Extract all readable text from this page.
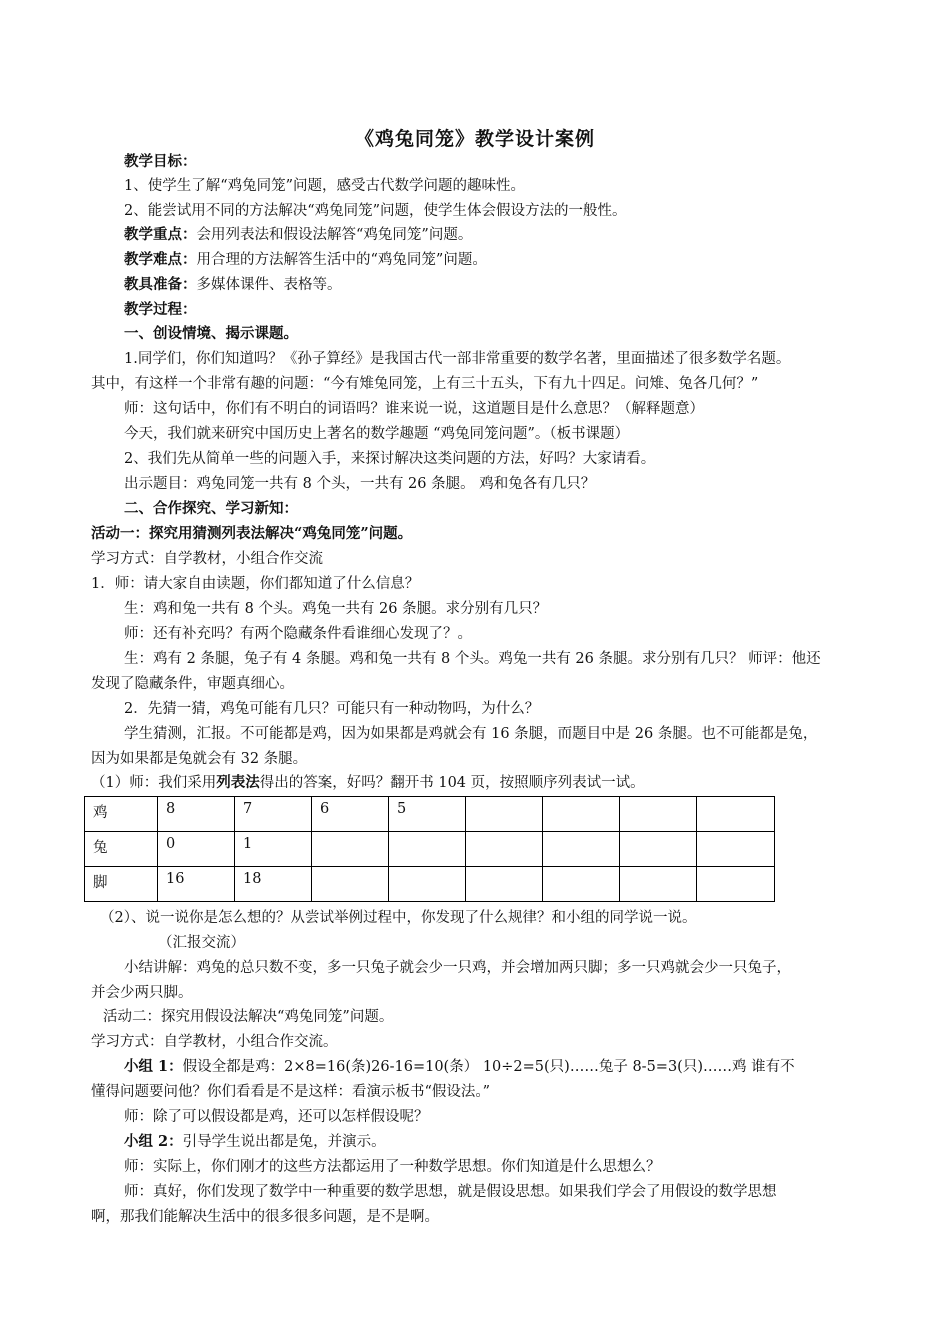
《鸡兔同笼》教学设计案例
教学目标：
1、使学生了解“鸡兔同笼”问题，感受古代数学问题的趣味性。
2、能尝试用不同的方法解决“鸡兔同笼”问题，使学生体会假设方法的一般性。
教学重点：会用列表法和假设法解答“鸡兔同笼”问题。
教学难点：用合理的方法解答生活中的“鸡兔同笼”问题。
教具准备：多媒体课件、表格等。
教学过程：
一、创设情境、揭示课题。
1.同学们，你们知道吗？《孙子算经》是我国古代一部非常重要的数学名著，里面描述了很多数学名题。
其中，有这样一个非常有趣的问题：“今有雉兔同笼，上有三十五头，下有九十四足。问雉、兔各几何？”
师：这句话中，你们有不明白的词语吗？谁来说一说，这道题目是什么意思？（解释题意）
今天，我们就来研究中国历史上著名的数学趣题 “鸡兔同笼问题”。（板书课题）
2、我们先从简单一些的问题入手，来探讨解决这类问题的方法，好吗？大家请看。
出示题目：鸡兔同笼一共有 8 个头，一共有 26 条腿。 鸡和兔各有几只？
二、合作探究、学习新知：
活动一：探究用猜测列表法解决“鸡兔同笼”问题。
学习方式：自学教材，小组合作交流
1．师：请大家自由读题，你们都知道了什么信息？
生：鸡和兔一共有 8 个头。鸡兔一共有 26 条腿。求分别有几只？
师：还有补充吗？有两个隐藏条件看谁细心发现了？。
生：鸡有 2 条腿，兔子有 4 条腿。鸡和兔一共有 8 个头。鸡兔一共有 26 条腿。求分别有几只？ 师评：他还
发现了隐藏条件，审题真细心。
2．先猜一猜，鸡兔可能有几只？可能只有一种动物吗，为什么？
学生猜测，汇报。不可能都是鸡，因为如果都是鸡就会有 16 条腿，而题目中是 26 条腿。也不可能都是兔，
因为如果都是兔就会有 32 条腿。
（1）师：我们采用列表法得出的答案，好吗？翻开书 104 页，按照顺序列表试一试。
鸡	8	7	6	5				
兔	0	1						
脚	16	18						
（2）、说一说你是怎么想的？从尝试举例过程中，你发现了什么规律？和小组的同学说一说。
（汇报交流）
小结讲解：鸡兔的总只数不变，多一只兔子就会少一只鸡，并会增加两只脚；多一只鸡就会少一只兔子，
并会少两只脚。
活动二：探究用假设法解决“鸡兔同笼”问题。
学习方式：自学教材，小组合作交流。
小组 1：假设全都是鸡：2×8=16(条)26-16=10(条） 10÷2=5(只)……兔子 8-5=3(只)……鸡 谁有不
懂得问题要问他？你们看看是不是这样：看演示板书“假设法。”
师：除了可以假设都是鸡，还可以怎样假设呢？
小组 2：引导学生说出都是兔，并演示。
师：实际上，你们刚才的这些方法都运用了一种数学思想。你们知道是什么思想么？
师：真好，你们发现了数学中一种重要的数学思想，就是假设思想。如果我们学会了用假设的数学思想
啊，那我们能解决生活中的很多很多问题，是不是啊。
